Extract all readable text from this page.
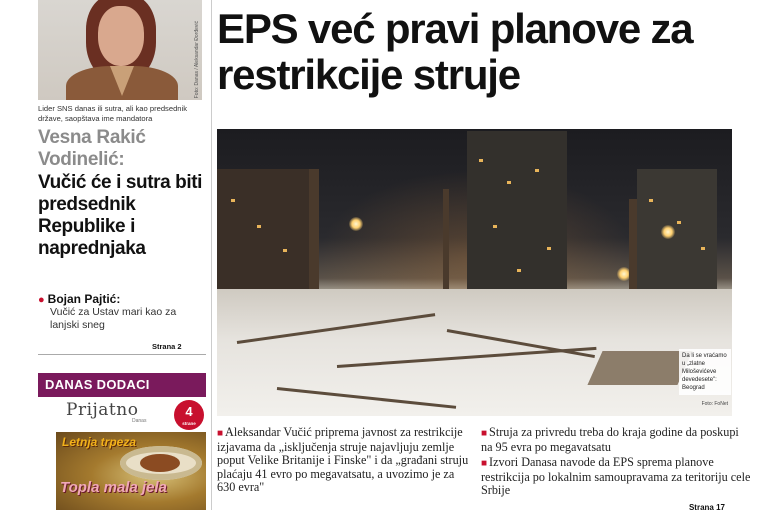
Foto: Danas / Aleksandar Đorđević
Lider SNS danas ili sutra, ali kao predsednik države, saopštava ime mandatora
Vesna Rakić Vodinelić:
Vučić će i sutra biti predsednik Republike i naprednjaka
● Bojan Pajtić:
Vučić za Ustav mari kao za lanjski sneg
Strana 2
DANAS DODACI
Prijatno
Danas
4
strane
Letnja trpeza
Topla mala jela
EPS već pravi planove za restrikcije struje
Da li se vraćamo u „zlatne Miloševićeve devedesete": Beograd
Foto: FoNet
■ Aleksandar Vučić priprema javnost za restrikcije izjavama da „isključenja struje najavljuju zemlje poput Velike Britanije i Finske" i da „građani struju plaćaju 41 evro po megavatsatu, a uvozimo je za 630 evra"
■ Struja za privredu treba do kraja godine da poskupi na 95 evra po megavatsatu
■ Izvori Danasa navode da EPS sprema planove restrikcija po lokalnim samoupravama za teritoriju cele Srbije
Strana 17
